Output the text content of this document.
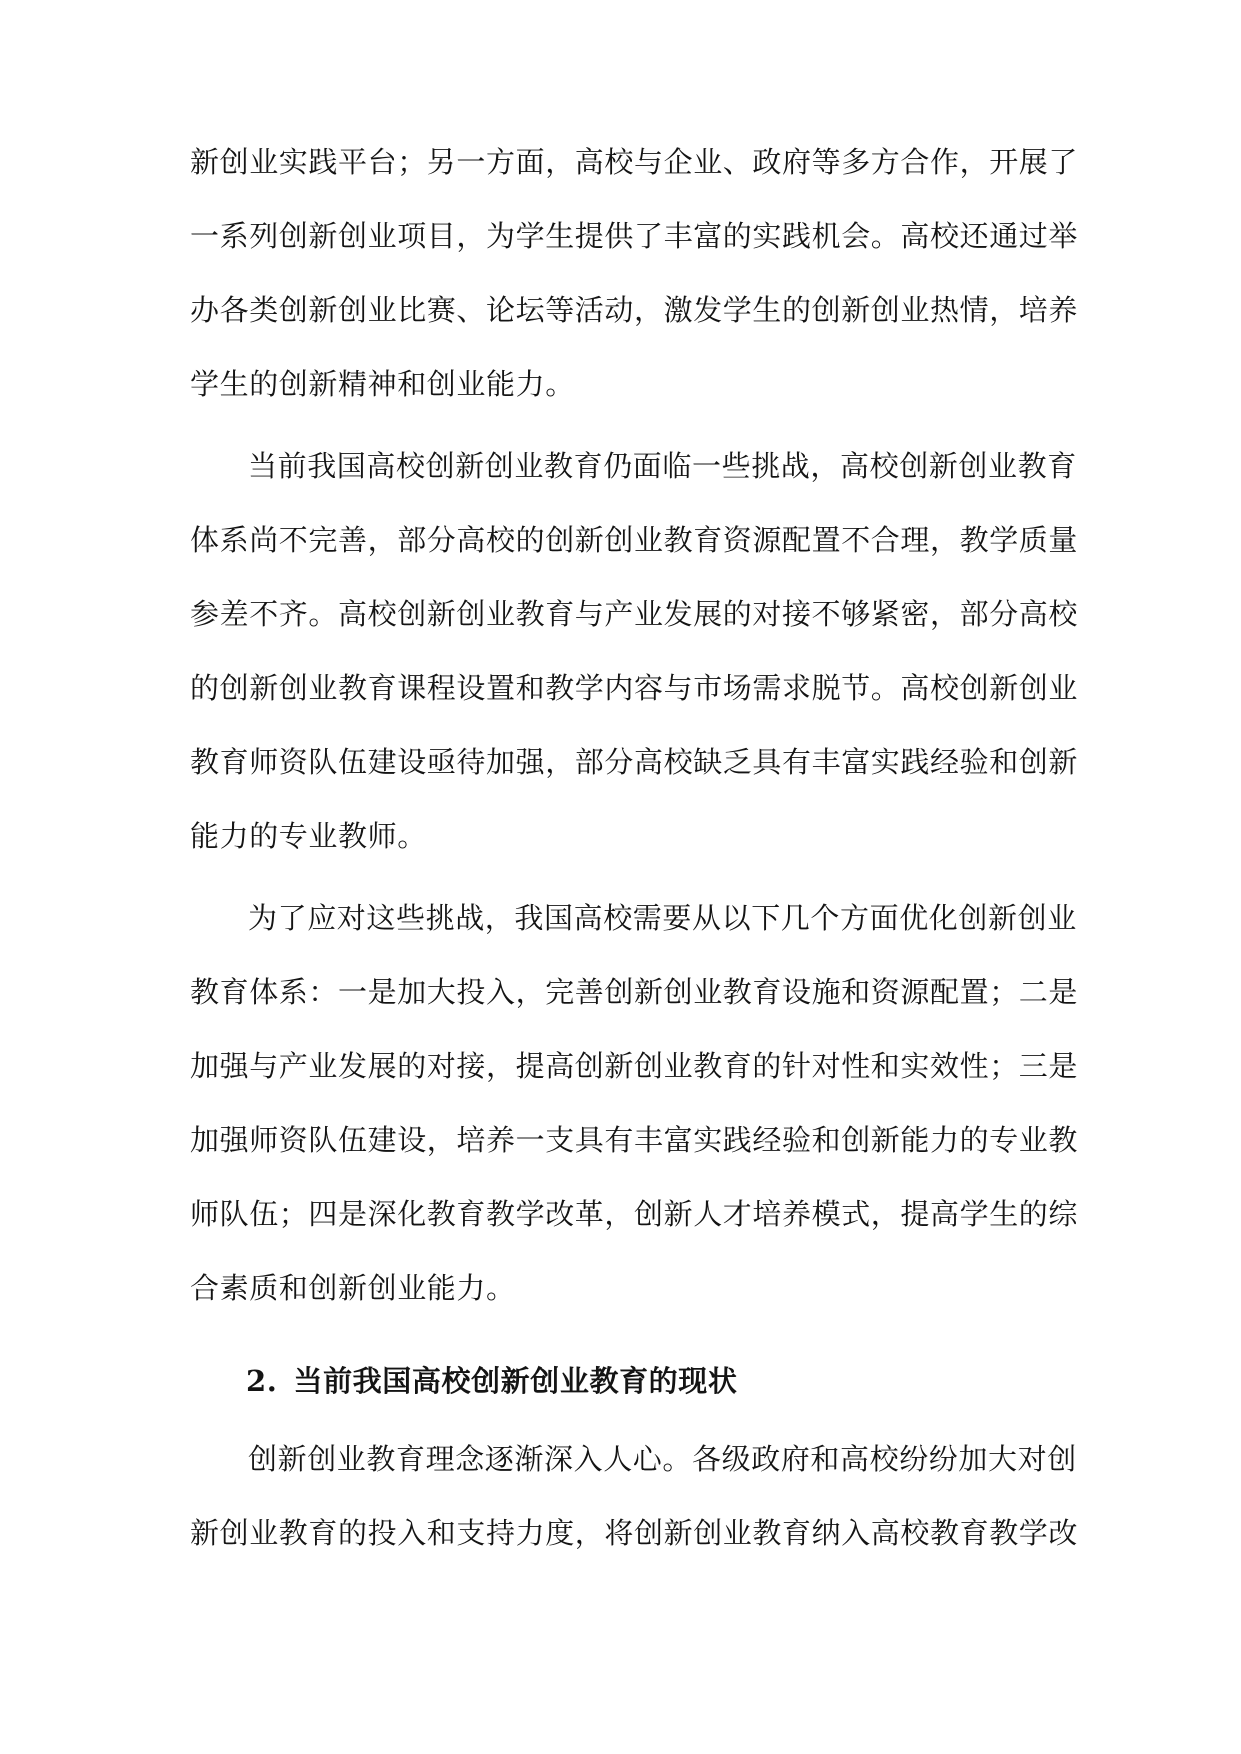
新创业实践平台；另一方面，高校与企业、政府等多方合作，开展了
一系列创新创业项目，为学生提供了丰富的实践机会。高校还通过举
办各类创新创业比赛、论坛等活动，激发学生的创新创业热情，培养
学生的创新精神和创业能力。
当前我国高校创新创业教育仍面临一些挑战，高校创新创业教育
体系尚不完善，部分高校的创新创业教育资源配置不合理，教学质量
参差不齐。高校创新创业教育与产业发展的对接不够紧密，部分高校
的创新创业教育课程设置和教学内容与市场需求脱节。高校创新创业
教育师资队伍建设亟待加强，部分高校缺乏具有丰富实践经验和创新
能力的专业教师。
为了应对这些挑战，我国高校需要从以下几个方面优化创新创业
教育体系：一是加大投入，完善创新创业教育设施和资源配置；二是
加强与产业发展的对接，提高创新创业教育的针对性和实效性；三是
加强师资队伍建设，培养一支具有丰富实践经验和创新能力的专业教
师队伍；四是深化教育教学改革，创新人才培养模式，提高学生的综
合素质和创新创业能力。
2. 当前我国高校创新创业教育的现状
创新创业教育理念逐渐深入人心。各级政府和高校纷纷加大对创
新创业教育的投入和支持力度，将创新创业教育纳入高校教育教学改
